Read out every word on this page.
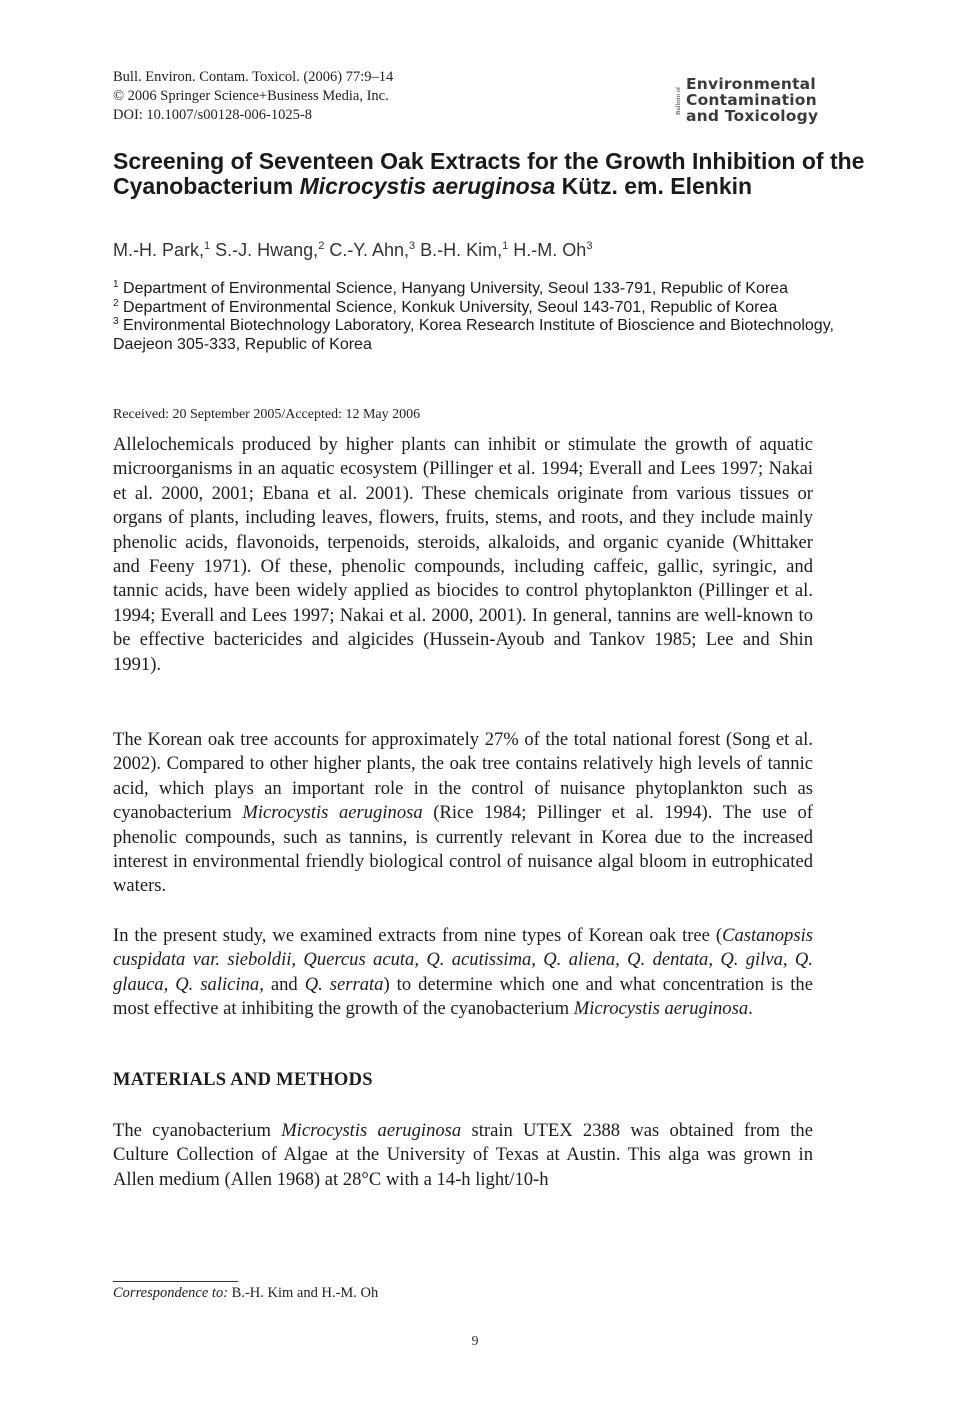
Bull. Environ. Contam. Toxicol. (2006) 77:9–14
© 2006 Springer Science+Business Media, Inc.
DOI: 10.1007/s00128-006-1025-8	Bulletin of
Environmental
Contamination
and Toxicology
Screening of Seventeen Oak Extracts for the Growth Inhibition of the Cyanobacterium Microcystis aeruginosa Kütz. em. Elenkin
M.-H. Park,$^1$ S.-J. Hwang,$^2$ C.-Y. Ahn,$^3$ B.-H. Kim,$^1$ H.-M. Oh$^3$
$^1$ Department of Environmental Science, Hanyang University, Seoul 133-791, Republic of Korea
$^2$ Department of Environmental Science, Konkuk University, Seoul 143-701, Republic of Korea
$^3$ Environmental Biotechnology Laboratory, Korea Research Institute of Bioscience and Biotechnology, Daejeon 305-333, Republic of Korea
Received: 20 September 2005/Accepted: 12 May 2006
Allelochemicals produced by higher plants can inhibit or stimulate the growth of aquatic microorganisms in an aquatic ecosystem (Pillinger et al. 1994; Everall and Lees 1997; Nakai et al. 2000, 2001; Ebana et al. 2001). These chemicals originate from various tissues or organs of plants, including leaves, flowers, fruits, stems, and roots, and they include mainly phenolic acids, flavonoids, terpenoids, steroids, alkaloids, and organic cyanide (Whittaker and Feeny 1971). Of these, phenolic compounds, including caffeic, gallic, syringic, and tannic acids, have been widely applied as biocides to control phytoplankton (Pillinger et al. 1994; Everall and Lees 1997; Nakai et al. 2000, 2001). In general, tannins are well-known to be effective bactericides and algicides (Hussein-Ayoub and Tankov 1985; Lee and Shin 1991).
The Korean oak tree accounts for approximately 27% of the total national forest (Song et al. 2002). Compared to other higher plants, the oak tree contains relatively high levels of tannic acid, which plays an important role in the control of nuisance phytoplankton such as cyanobacterium Microcystis aeruginosa (Rice 1984; Pillinger et al. 1994). The use of phenolic compounds, such as tannins, is currently relevant in Korea due to the increased interest in environmental friendly biological control of nuisance algal bloom in eutrophicated waters.
In the present study, we examined extracts from nine types of Korean oak tree (Castanopsis cuspidata var. sieboldii, Quercus acuta, Q. acutissima, Q. aliena, Q. dentata, Q. gilva, Q. glauca, Q. salicina, and Q. serrata) to determine which one and what concentration is the most effective at inhibiting the growth of the cyanobacterium Microcystis aeruginosa.
MATERIALS AND METHODS
The cyanobacterium Microcystis aeruginosa strain UTEX 2388 was obtained from the Culture Collection of Algae at the University of Texas at Austin. This alga was grown in Allen medium (Allen 1968) at 28°C with a 14-h light/10-h
Correspondence to: B.-H. Kim and H.-M. Oh
9
